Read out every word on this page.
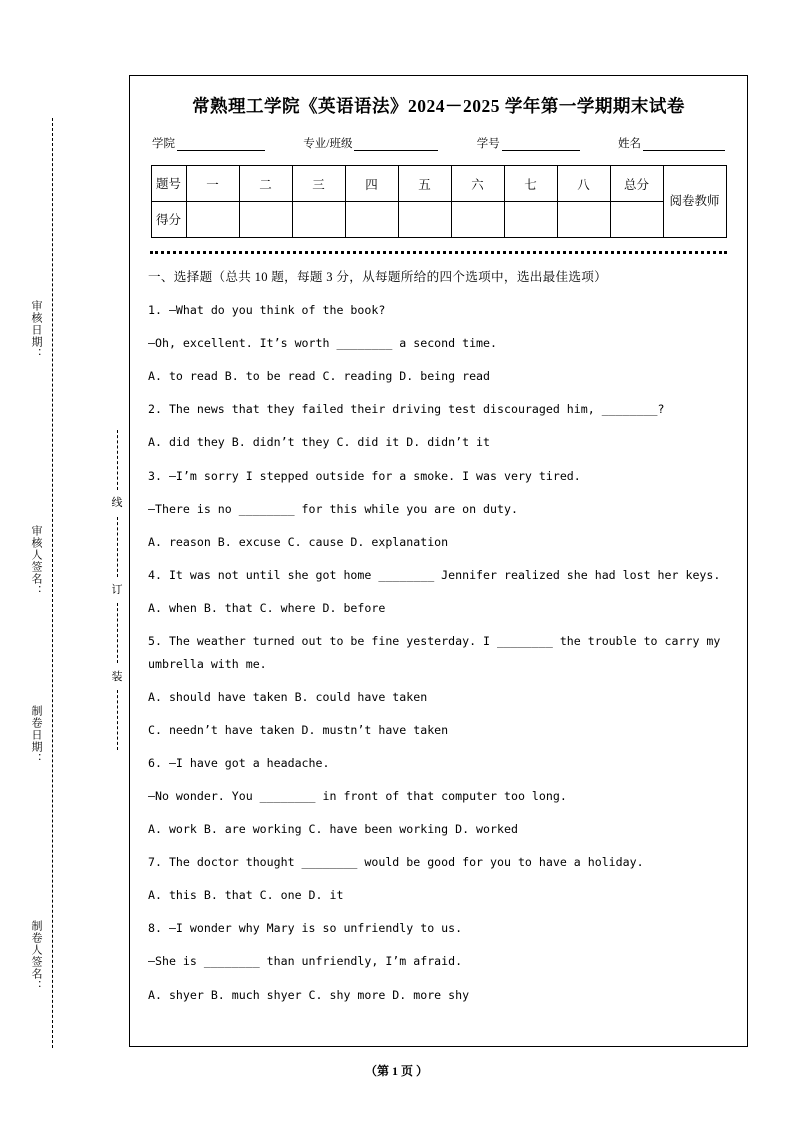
审核日期：
审核人签名：
制卷日期：
制卷人签名：
线
订
装
常熟理工学院《英语语法》2024－2025 学年第一学期期末试卷
学院	专业/班级	学号	姓名
题号	一	二	三	四	五	六	七	八	总分	阅卷教师
得分										

一、选择题（总共 10 题，每题 3 分，从每题所给的四个选项中，选出最佳选项）

1. —What do you think of the book?

—Oh, excellent. It’s worth ________ a second time.

A. to read B. to be read C. reading D. being read

2. The news that they failed their driving test discouraged him, ________?

A. did they B. didn’t they C. did it D. didn’t it

3. —I’m sorry I stepped outside for a smoke. I was very tired.

—There is no ________ for this while you are on duty.

A. reason B. excuse C. cause D. explanation

4. It was not until she got home ________ Jennifer realized she had lost her keys.

A. when B. that C. where D. before

5. The weather turned out to be fine yesterday. I ________ the trouble to carry my umbrella with me.

A. should have taken B. could have taken

C. needn’t have taken D. mustn’t have taken

6. —I have got a headache.

—No wonder. You ________ in front of that computer too long.

A. work B. are working C. have been working D. worked

7. The doctor thought ________ would be good for you to have a holiday.

A. this B. that C. one D. it

8. —I wonder why Mary is so unfriendly to us.

—She is ________ than unfriendly, I’m afraid.

A. shyer B. much shyer C. shy more D. more shy

（第 1 页 ）
